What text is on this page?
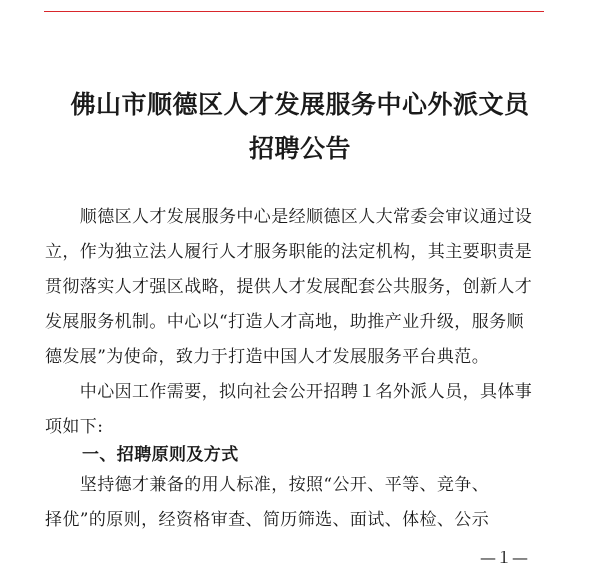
佛山市顺德区人才发展服务中心外派文员
招聘公告
　　顺德区人才发展服务中心是经顺德区人大常委会审议通过设
立，作为独立法人履行人才服务职能的法定机构，其主要职责是
贯彻落实人才强区战略，提供人才发展配套公共服务，创新人才
发展服务机制。中心以“打造人才高地，助推产业升级，服务顺
德发展”为使命，致力于打造中国人才发展服务平台典范。
　　中心因工作需要，拟向社会公开招聘１名外派人员，具体事
项如下:
一、招聘原则及方式
　　坚持德才兼备的用人标准，按照“公开、平等、竞争、
择优”的原则，经资格审查、简历筛选、面试、体检、公示
—１—
